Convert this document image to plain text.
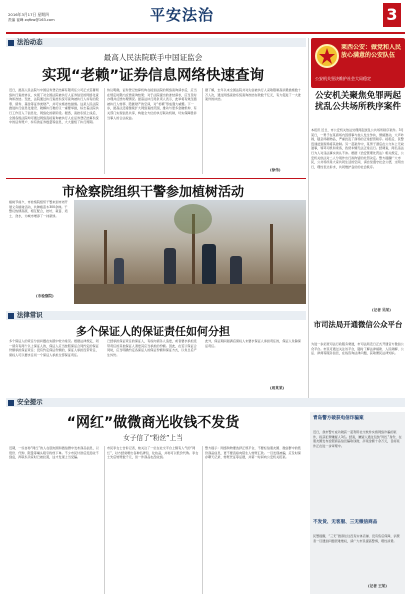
2016年3月17日 星期四
责编 崔峰 zqfbw@163.com	平安法治	3
法治动态
最高人民法院联手中国证监会
实现“老赖”证券信息网络快速查询
近日，最高人民法院与中国证券登记结算有限责任公司正式签署网络执行查控协议，实现了对全国法院被执行人证券信息的网络化查询和冻结。至此，法院通过执行查控系统可查询被执行人持有的股票、债券、基金等证券类财产，并可实施冻结措施。这是人民法院推进执行信息化建设、破解执行难的又一重要举措，标志着法院执行工作迈入了信息化、网络化的新阶段。据悉，查控系统上线后，全国各级法院均可通过网络直接查询被执行人在证券登记结算系统中的证券账户、持有的证券数量等信息，大大缩短了执行周期。
协议明确，证券登记结算机构在接到法院的网络查询请求后，应当在规定时限内反馈查询结果；对于法院提出的冻结请求，应当及时办理并反馈办理情况。最高法执行局负责人表示，此举将有效压缩被执行人转移、隐匿财产的空间，对“老赖”形成强大威慑。下一步，最高法还将继续扩大网络查控范围，推动与更多金融机构、有关部门实现信息共享，构建全方位的执行联动机制，切实保障胜诉当事人的合法权益。
据了解，去年以来全国法院共对失信被执行人采取限制高消费措施数十万人次，通过网络查控系统查询冻结存款数千亿元，有力促进了一大批案件的执结。
(徐伟)
莱西公安：做党和人民放心满意的公安队伍
公安机关坚决维护社会大局稳定
公安机关聚焦免罪两起扰乱公共场所秩序案件
本报讯 近日，市公安机关依法处理两起扰乱公共场所秩序案件。3月某日，一男子在某商场内因琐事与他人发生争执，情绪激动，大声吵闹，随意摔砸物品，严重扰乱了商场的正常经营秩序。接报后，民警迅速赶到现场将其控制。另一起案件中，某男子酒后在公交车上无故滋事，辱骂司机和乘客，致使车辆无法正常运行。经调查，两名违法行为人对违法事实供认不讳。根据《治安管理处罚法》相关规定，公安机关依法对二人分别作出行政拘留的处罚决定。警方提醒广大市民，公共场所是大家共同生活的空间，请自觉遵守社会公德，文明出行，理性表达诉求，共同维护良好的社会秩序。
(记者 吴某)
市检察院组织干警参加植树活动
植树节前夕，市检察院组织干警来到市郊开展义务植树活动，共种植苗木300余株。干警们热情高涨，相互配合，挖坑、栽苗、培土、浇水，为城市增添了一抹新绿。
(市检察院)
法律常识
多个保证人的保证责任如何分担
多个保证人的责任分担问题在实践中较为常见。根据法律规定，同一债务有两个以上保证人的，保证人应当按照保证合同约定的保证份额承担保证责任；没有约定保证份额的，保证人承担连带责任，债权人可以要求任何一个保证人承担全部保证责任。
已经承担保证责任的保证人，有权向债务人追偿，或者要求承担连带责任的其他保证人清偿其应当承担的份额。因此，在签订保证合同时，应当明确约定各保证人的保证份额和保证方式，以免日后产生纠纷。
此外，保证期间届满后债权人未要求保证人承担责任的，保证人免除保证责任。
(周某某)
市司法局开通微信公众平台
为进一步拓宽司法行政服务渠道，市司法局近日正式开通官方微信公众平台。市民可通过关注该平台，随时了解法律援助、人民调解、公证、律师等服务信息，在线咨询法律问题，获取便民法律知识。
安全提示
“网红”做微商光收钱不发货
女子信了“粉丝”上当
近期，一些自称“网红”的人在朋友圈和微信群中发布商品信息，以低价、代购、限量等噱头吸引粉丝下单。不少市民付款后迟迟收不到货，再联系卖家时已被拉黑，这才发现上当受骗。
市民李女士告诉记者，她关注了一位在社交平台上颇有人气的“网红”，对方经常晒出各种名牌包、化妆品，并称可以低价代购。李女士先后转账数千元，但一件商品也没收到。
警方提示：网络购物要选择正规平台，不要轻信朋友圈、微信群中的低价商品信息，更不要直接向陌生人转账汇款。一旦发现被骗，应及时保存聊天记录、转账凭证等证据，并第一时间向公安机关报案。
青岛警方破获电信诈骗案
近日，我市警方成功破获一起利用社交软件实施网络诈骗的案件，抓获犯罪嫌疑人3名。经查，嫌疑人通过包装“网红”身份，在朋友圈发布虚假商品信息骗取钱财，涉案金额十余万元，目前案件正在进一步审理中。
不发货、无客服、三无微信商品
民警提醒，“三无”微商往往没有实体店铺、没有售后保障，消费者一旦遇到问题很难维权，请广大市民提高警惕，理性消费。
(记者 王某)
